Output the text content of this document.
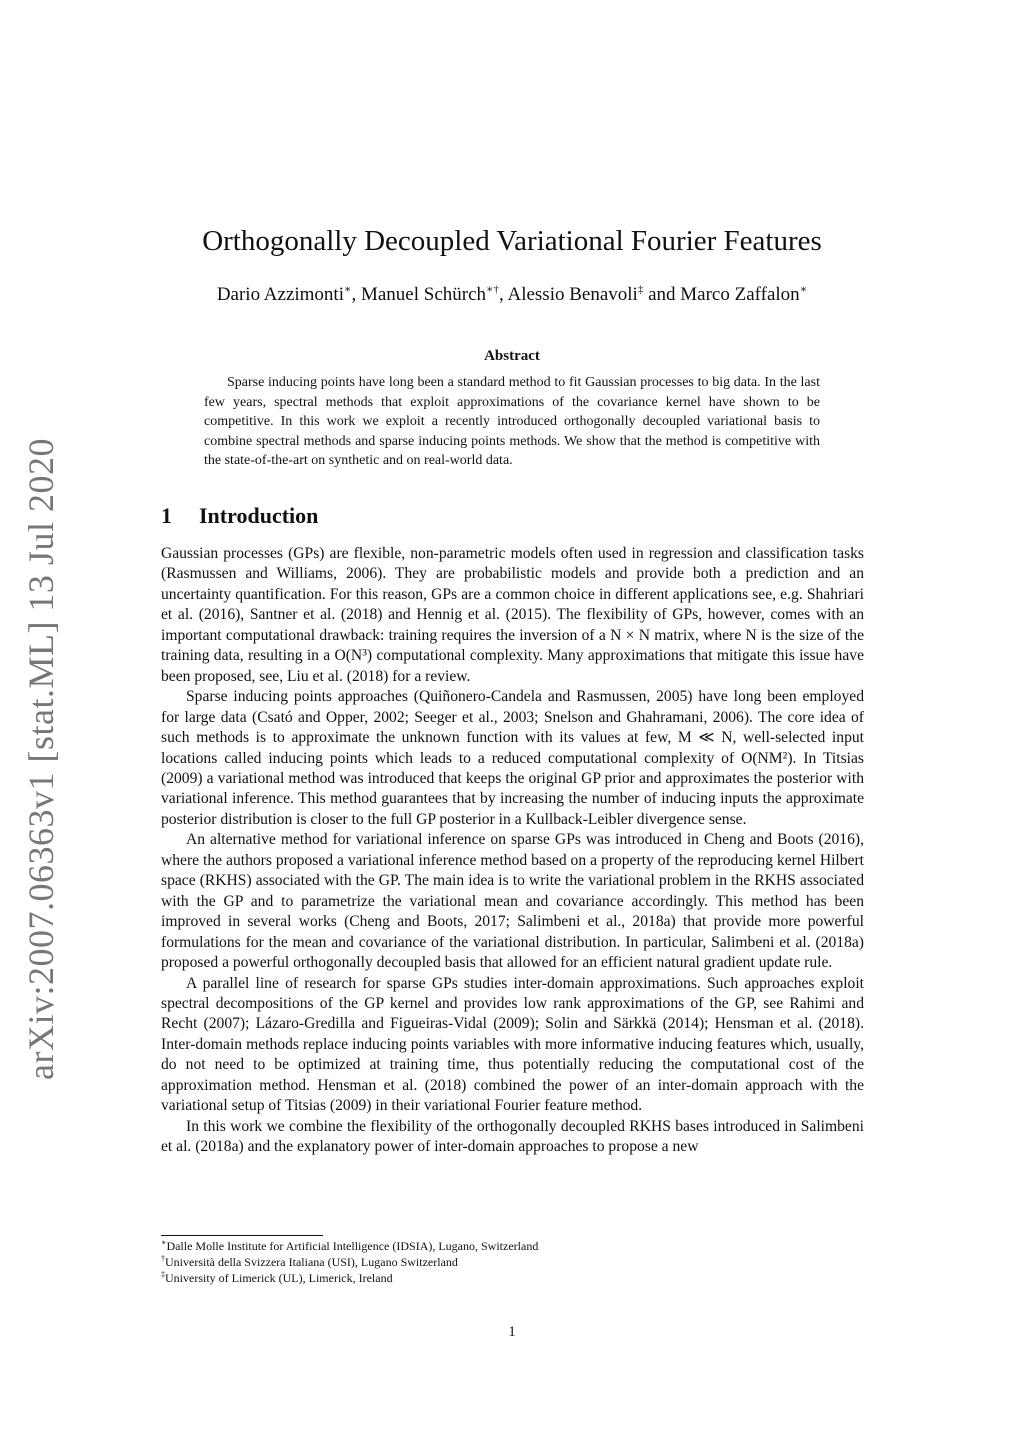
arXiv:2007.06363v1 [stat.ML] 13 Jul 2020
Orthogonally Decoupled Variational Fourier Features
Dario Azzimonti∗, Manuel Schürch∗†, Alessio Benavoli‡ and Marco Zaffalon∗
Abstract

Sparse inducing points have long been a standard method to fit Gaussian processes to big data. In the last few years, spectral methods that exploit approximations of the covariance kernel have shown to be competitive. In this work we exploit a recently introduced orthogonally decoupled variational basis to combine spectral methods and sparse inducing points methods. We show that the method is competitive with the state-of-the-art on synthetic and on real-world data.

1 Introduction

Gaussian processes (GPs) are flexible, non-parametric models often used in regression and classification tasks (Rasmussen and Williams, 2006). They are probabilistic models and provide both a prediction and an uncertainty quantification. For this reason, GPs are a common choice in different applications see, e.g. Shahriari et al. (2016), Santner et al. (2018) and Hennig et al. (2015). The flexibility of GPs, however, comes with an important computational drawback: training requires the inversion of a N × N matrix, where N is the size of the training data, resulting in a O(N³) computational complexity. Many approximations that mitigate this issue have been proposed, see, Liu et al. (2018) for a review.

Sparse inducing points approaches (Quiñonero-Candela and Rasmussen, 2005) have long been employed for large data (Csató and Opper, 2002; Seeger et al., 2003; Snelson and Ghahramani, 2006). The core idea of such methods is to approximate the unknown function with its values at few, M ≪ N, well-selected input locations called inducing points which leads to a reduced computational complexity of O(NM²). In Titsias (2009) a variational method was introduced that keeps the original GP prior and approximates the posterior with variational inference. This method guarantees that by increasing the number of inducing inputs the approximate posterior distribution is closer to the full GP posterior in a Kullback-Leibler divergence sense.

An alternative method for variational inference on sparse GPs was introduced in Cheng and Boots (2016), where the authors proposed a variational inference method based on a property of the reproducing kernel Hilbert space (RKHS) associated with the GP. The main idea is to write the variational problem in the RKHS associated with the GP and to parametrize the variational mean and covariance accordingly. This method has been improved in several works (Cheng and Boots, 2017; Salimbeni et al., 2018a) that provide more powerful formulations for the mean and covariance of the variational distribution. In particular, Salimbeni et al. (2018a) proposed a powerful orthogonally decoupled basis that allowed for an efficient natural gradient update rule.

A parallel line of research for sparse GPs studies inter-domain approximations. Such approaches exploit spectral decompositions of the GP kernel and provides low rank approximations of the GP, see Rahimi and Recht (2007); Lázaro-Gredilla and Figueiras-Vidal (2009); Solin and Särkkä (2014); Hensman et al. (2018). Inter-domain methods replace inducing points variables with more informative inducing features which, usually, do not need to be optimized at training time, thus potentially reducing the computational cost of the approximation method. Hensman et al. (2018) combined the power of an inter-domain approach with the variational setup of Titsias (2009) in their variational Fourier feature method.

In this work we combine the flexibility of the orthogonally decoupled RKHS bases introduced in Salimbeni et al. (2018a) and the explanatory power of inter-domain approaches to propose a new

∗Dalle Molle Institute for Artificial Intelligence (IDSIA), Lugano, Switzerland

†Università della Svizzera Italiana (USI), Lugano Switzerland

‡University of Limerick (UL), Limerick, Ireland

1
